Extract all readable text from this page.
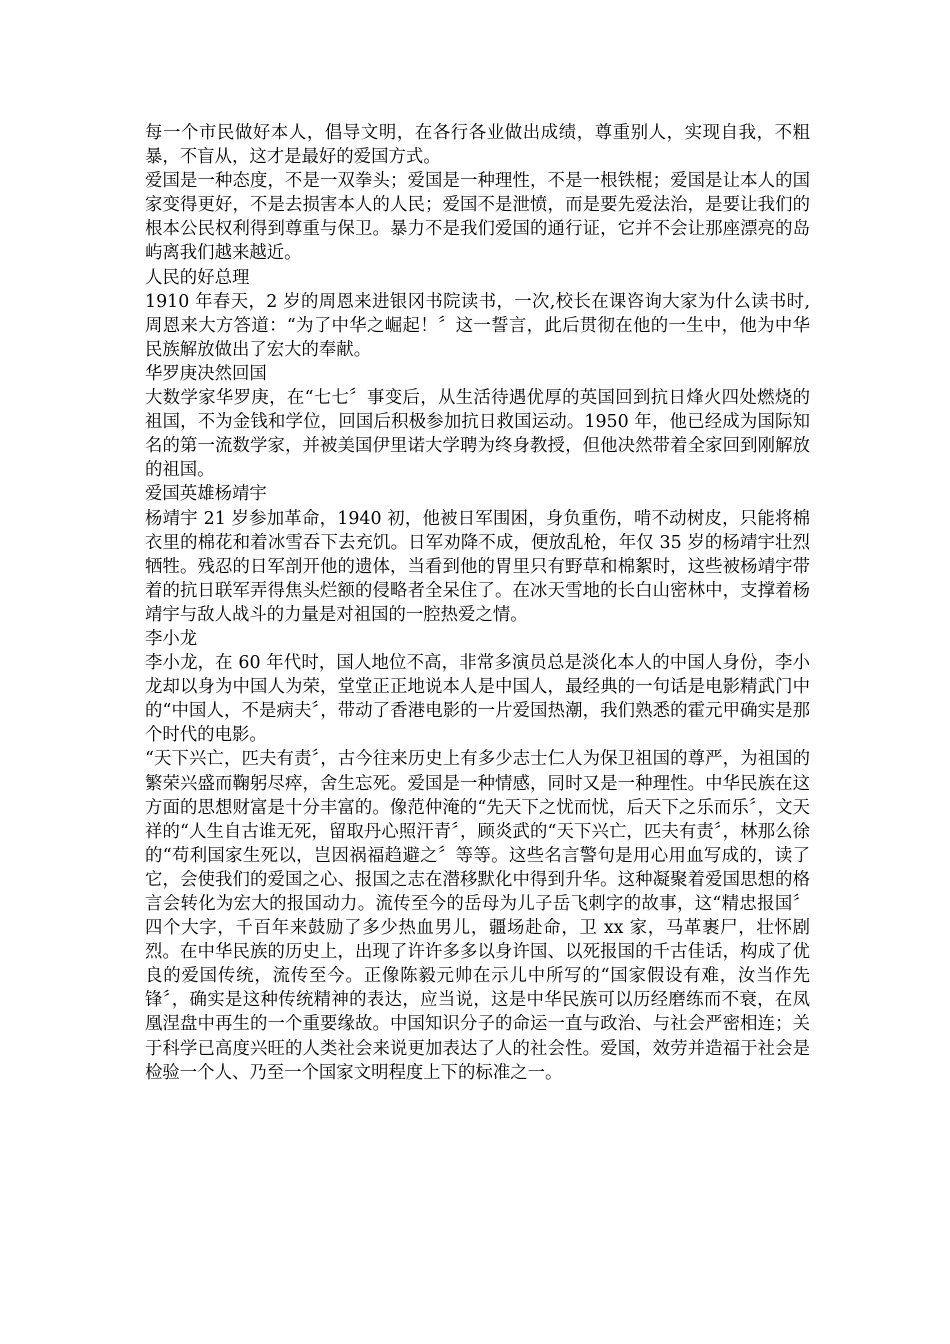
每一个市民做好本人，倡导文明，在各行各业做出成绩，尊重别人，实现自我，不粗暴，不盲从，这才是最好的爱国方式。

爱国是一种态度，不是一双拳头；爱国是一种理性，不是一根铁棍；爱国是让本人的国家变得更好，不是去损害本人的人民；爱国不是泄愤，而是要先爱法治，是要让我们的根本公民权利得到尊重与保卫。暴力不是我们爱国的通行证，它并不会让那座漂亮的岛屿离我们越来越近。

人民的好总理

1910 年春天，2 岁的周恩来进银冈书院读书，一次,校长在课咨询大家为什么读书时,周恩来大方答道：“为了中华之崛起！〞这一誓言，此后贯彻在他的一生中，他为中华民族解放做出了宏大的奉献。

华罗庚决然回国

大数学家华罗庚，在“七七〞事变后，从生活待遇优厚的英国回到抗日烽火四处燃烧的祖国，不为金钱和学位，回国后积极参加抗日救国运动。1950 年，他已经成为国际知名的第一流数学家，并被美国伊里诺大学聘为终身教授，但他决然带着全家回到刚解放的祖国。

爱国英雄杨靖宇

杨靖宇 21 岁参加革命，1940 初，他被日军围困，身负重伤，啃不动树皮，只能将棉衣里的棉花和着冰雪吞下去充饥。日军劝降不成，便放乱枪，年仅 35 岁的杨靖宇壮烈牺牲。残忍的日军剖开他的遗体，当看到他的胃里只有野草和棉絮时，这些被杨靖宇带着的抗日联军弄得焦头烂额的侵略者全呆住了。在冰天雪地的长白山密林中，支撑着杨靖宇与敌人战斗的力量是对祖国的一腔热爱之情。

李小龙

李小龙，在 60 年代时，国人地位不高，非常多演员总是淡化本人的中国人身份，李小龙却以身为中国人为荣，堂堂正正地说本人是中国人，最经典的一句话是电影精武门中的“中国人，不是病夫〞，带动了香港电影的一片爱国热潮，我们熟悉的霍元甲确实是那个时代的电影。

“天下兴亡，匹夫有责〞，古今往来历史上有多少志士仁人为保卫祖国的尊严，为祖国的繁荣兴盛而鞠躬尽瘁，舍生忘死。爱国是一种情感，同时又是一种理性。中华民族在这方面的思想财富是十分丰富的。像范仲淹的“先天下之忧而忧，后天下之乐而乐〞，文天祥的“人生自古谁无死，留取丹心照汗青〞，顾炎武的“天下兴亡，匹夫有责〞，林那么徐的“苟利国家生死以，岂因祸福趋避之〞等等。这些名言警句是用心用血写成的，读了它，会使我们的爱国之心、报国之志在潜移默化中得到升华。这种凝聚着爱国思想的格言会转化为宏大的报国动力。流传至今的岳母为儿子岳飞刺字的故事，这“精忠报国〞四个大字，千百年来鼓励了多少热血男儿，疆场赴命，卫 xx 家，马革裹尸，壮怀剧烈。在中华民族的历史上，出现了许许多多以身许国、以死报国的千古佳话，构成了优良的爱国传统，流传至今。正像陈毅元帅在示儿中所写的“国家假设有难，汝当作先锋〞，确实是这种传统精神的表达，应当说，这是中华民族可以历经磨练而不衰，在凤凰涅盘中再生的一个重要缘故。中国知识分子的命运一直与政治、与社会严密相连；关于科学已高度兴旺的人类社会来说更加表达了人的社会性。爱国，效劳并造福于社会是检验一个人、乃至一个国家文明程度上下的标准之一。
